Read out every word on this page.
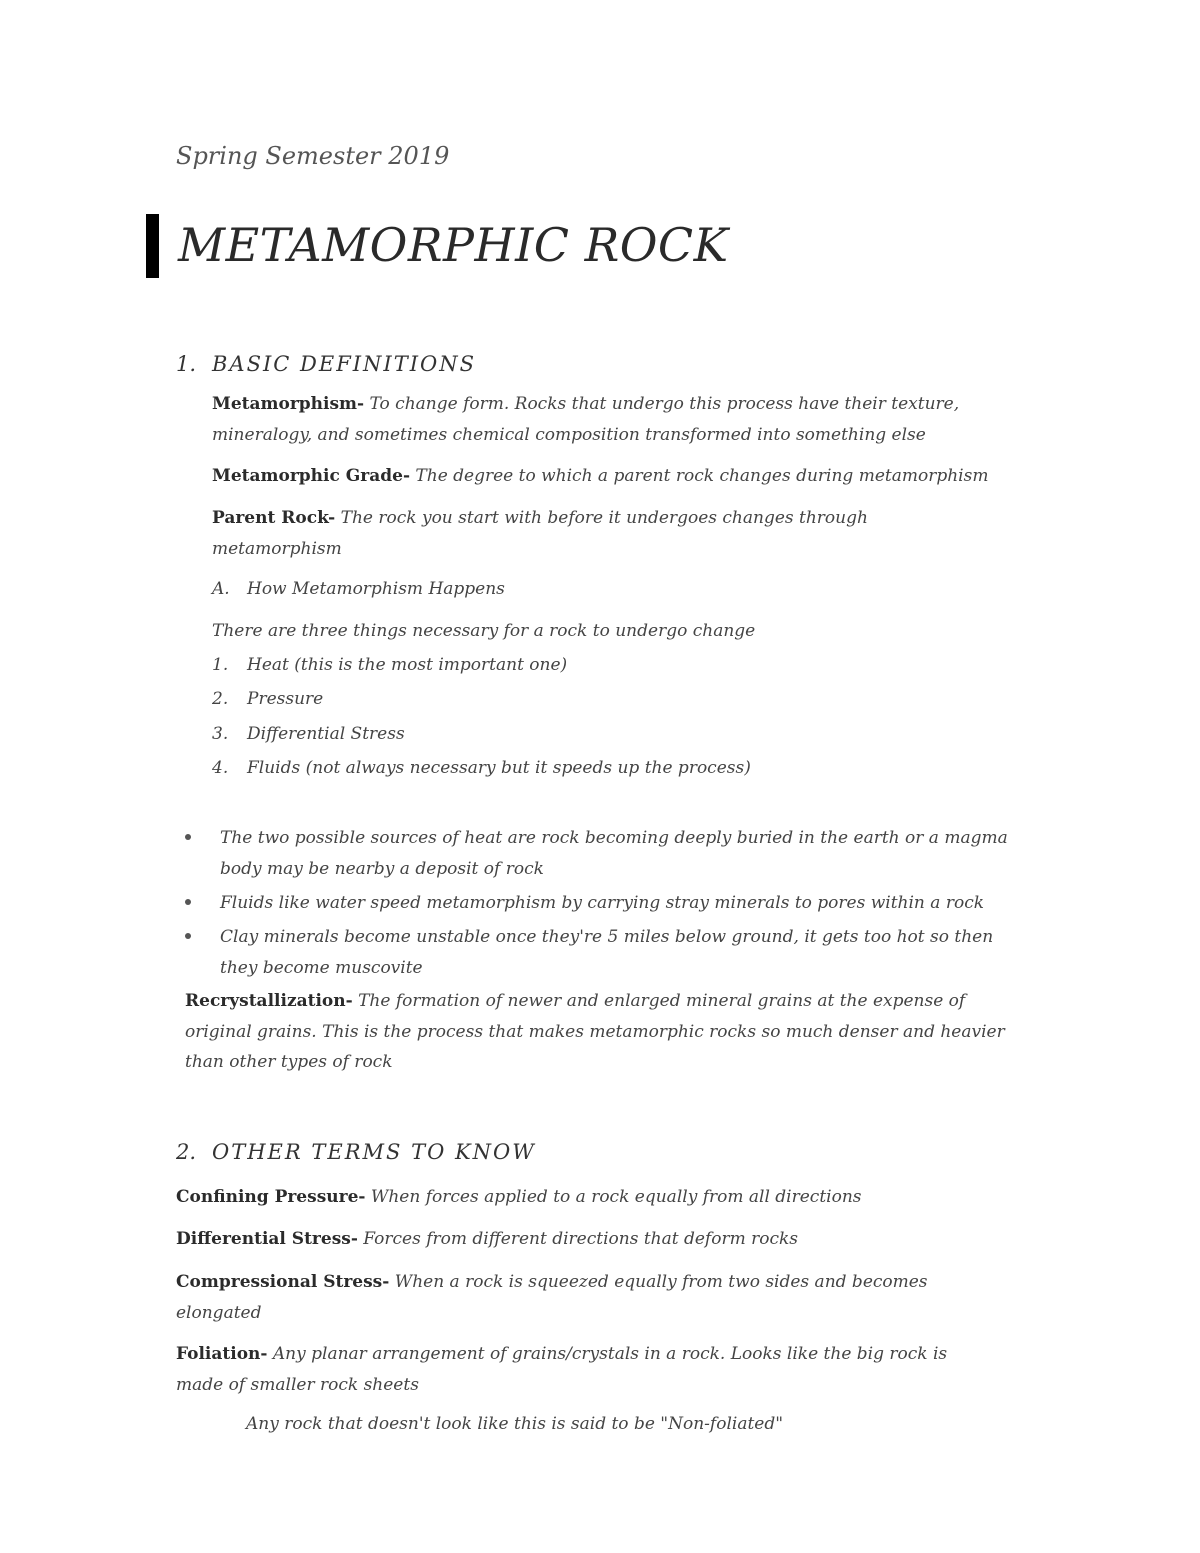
Spring Semester 2019
METAMORPHIC ROCK
1. BASIC DEFINITIONS
Metamorphism- To change form. Rocks that undergo this process have their texture, mineralogy, and sometimes chemical composition transformed into something else
Metamorphic Grade- The degree to which a parent rock changes during metamorphism
Parent Rock- The rock you start with before it undergoes changes through metamorphism
A. How Metamorphism Happens
There are three things necessary for a rock to undergo change
1. Heat (this is the most important one)
2. Pressure
3. Differential Stress
4. Fluids (not always necessary but it speeds up the process)
The two possible sources of heat are rock becoming deeply buried in the earth or a magma body may be nearby a deposit of rock
Fluids like water speed metamorphism by carrying stray minerals to pores within a rock
Clay minerals become unstable once they're 5 miles below ground, it gets too hot so then they become muscovite
Recrystallization- The formation of newer and enlarged mineral grains at the expense of original grains. This is the process that makes metamorphic rocks so much denser and heavier than other types of rock
2. OTHER TERMS TO KNOW
Confining Pressure- When forces applied to a rock equally from all directions
Differential Stress- Forces from different directions that deform rocks
Compressional Stress- When a rock is squeezed equally from two sides and becomes elongated
Foliation- Any planar arrangement of grains/crystals in a rock. Looks like the big rock is made of smaller rock sheets
Any rock that doesn't look like this is said to be "Non-foliated"
